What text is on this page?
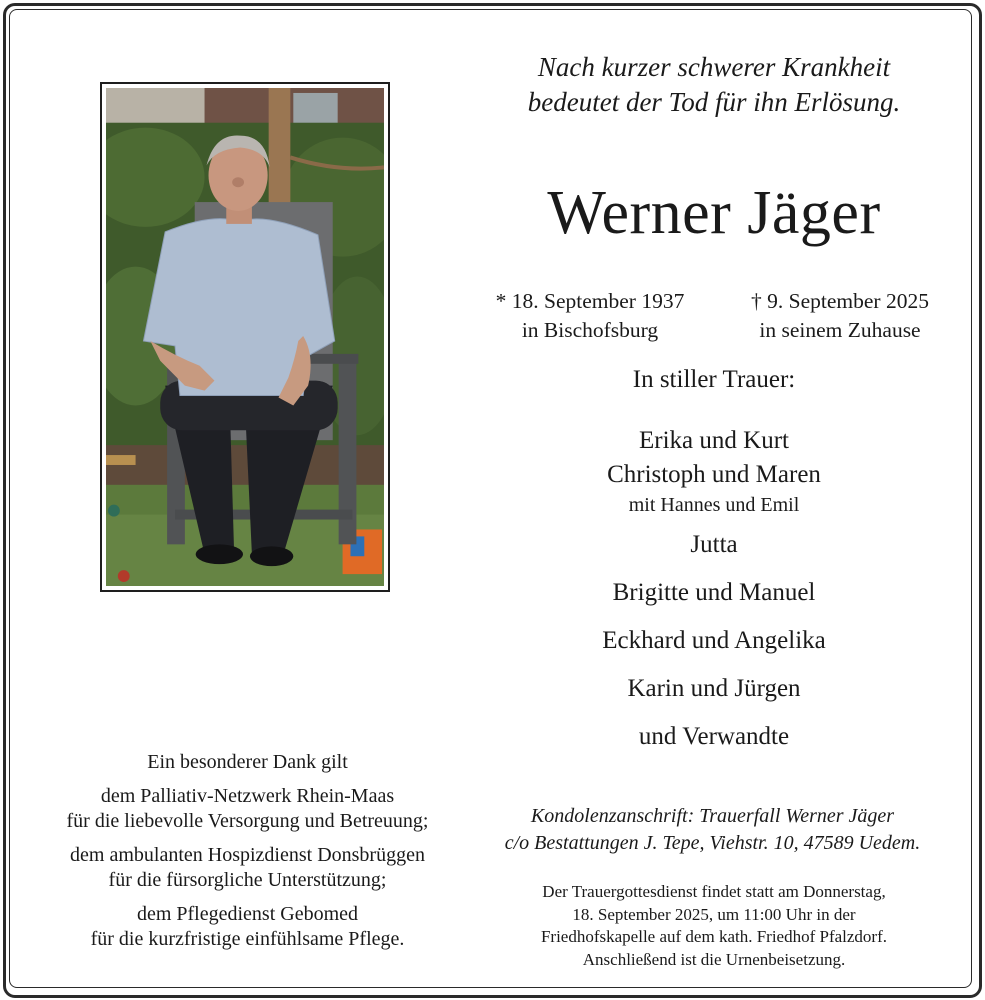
Nach kurzer schwerer Krankheit
bedeutet der Tod für ihn Erlösung.
Werner Jäger
* 18. September 1937
in Bischofsburg
† 9. September 2025
in seinem Zuhause
In stiller Trauer:
Erika und Kurt
Christoph und Maren
mit Hannes und Emil
Jutta
Brigitte und Manuel
Eckhard und Angelika
Karin und Jürgen
und Verwandte

Ein besonderer Dank gilt

dem Palliativ-Netzwerk Rhein-Maas
für die liebevolle Versorgung und Betreuung;

dem ambulanten Hospizdienst Donsbrüggen
für die fürsorgliche Unterstützung;

dem Pflegedienst Gebomed
für die kurzfristige einfühlsame Pflege.

Kondolenzanschrift: Trauerfall Werner Jäger
c/o Bestattungen J. Tepe, Viehstr. 10, 47589 Uedem.
Der Trauergottesdienst findet statt am Donnerstag,
18. September 2025, um 11:00 Uhr in der
Friedhofskapelle auf dem kath. Friedhof Pfalzdorf.
Anschließend ist die Urnenbeisetzung.
